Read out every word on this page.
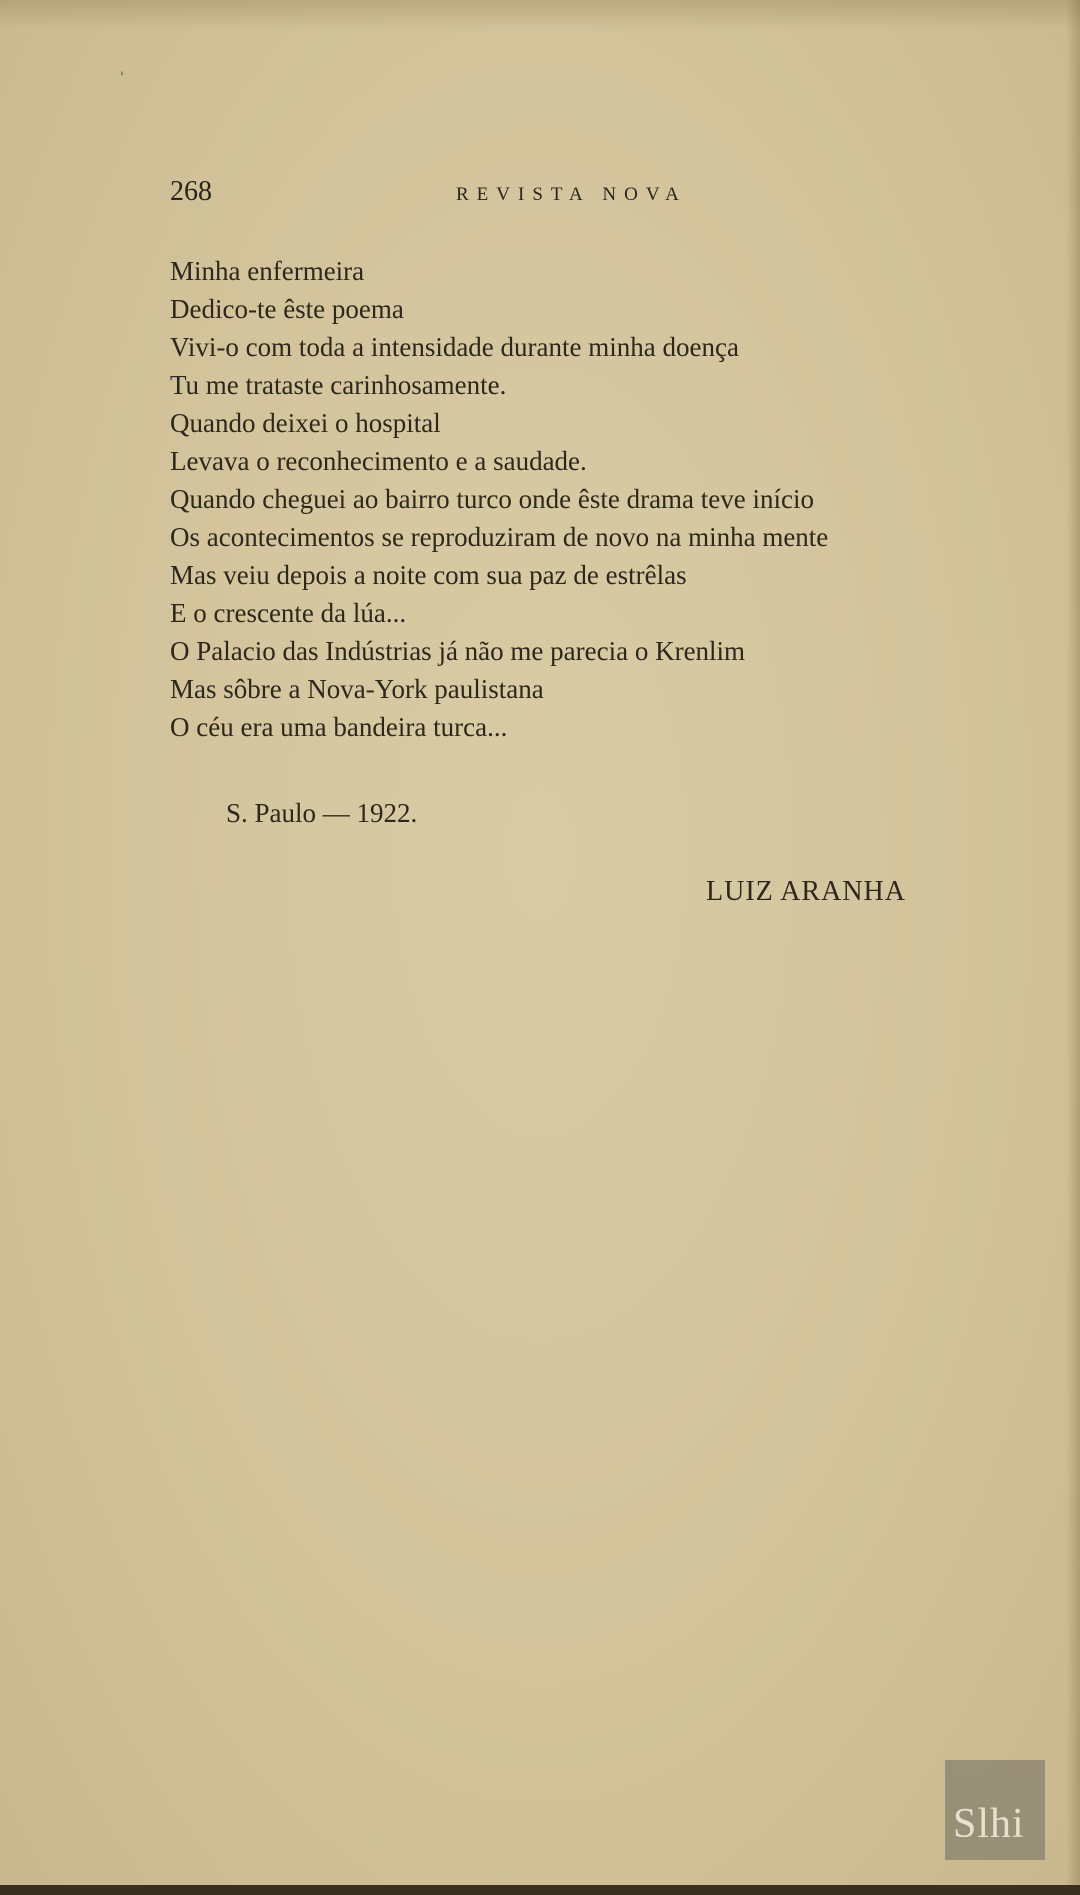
'
268	REVISTA NOVA
Minha enfermeira
Dedico-te êste poema
Vivi-o com toda a intensidade durante minha doença
Tu me trataste carinhosamente.
Quando deixei o hospital
Levava o reconhecimento e a saudade.
Quando cheguei ao bairro turco onde êste drama teve início
Os acontecimentos se reproduziram de novo na minha mente
Mas veiu depois a noite com sua paz de estrêlas
E o crescente da lúa...
O Palacio das Indústrias já não me parecia o Krenlim
Mas sôbre a Nova-York paulistana
O céu era uma bandeira turca...
S. Paulo — 1922.
LUIZ ARANHA
Slhi
